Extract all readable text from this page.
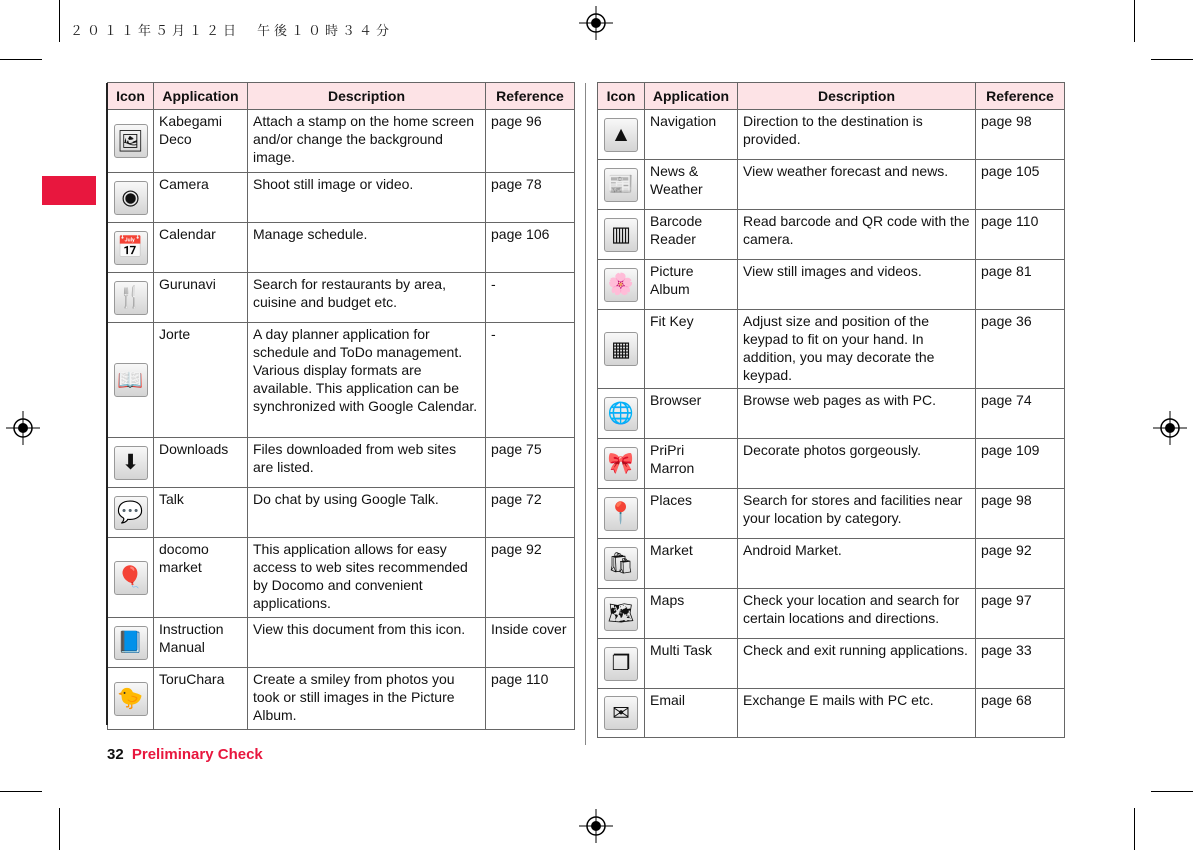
２０１１年５月１２日　午後１０時３４分
Icon	Application	Description	Reference
🖼	Kabegami Deco	Attach a stamp on the home screen and/or change the background image.	page 96
◉	Camera	Shoot still image or video.	page 78
📅	Calendar	Manage schedule.	page 106
🍴	Gurunavi	Search for restaurants by area, cuisine and budget etc.	-
📖	Jorte	A day planner application for schedule and ToDo management. Various display formats are available. This application can be synchronized with Google Calendar.	-
⬇	Downloads	Files downloaded from web sites are listed.	page 75
💬	Talk	Do chat by using Google Talk.	page 72
🎈	docomo market	This application allows for easy access to web sites recommended by Docomo and convenient applications.	page 92
📘	Instruction Manual	View this document from this icon.	Inside cover
🐤	ToruChara	Create a smiley from photos you took or still images in the Picture Album.	page 110
Icon	Application	Description	Reference
▲	Navigation	Direction to the destination is provided.	page 98
📰	News & Weather	View weather forecast and news.	page 105
▥	Barcode Reader	Read barcode and QR code with the camera.	page 110
🌸	Picture Album	View still images and videos.	page 81
▦	Fit Key	Adjust size and position of the keypad to fit on your hand. In addition, you may decorate the keypad.	page 36
🌐	Browser	Browse web pages as with PC.	page 74
🎀	PriPri Marron	Decorate photos gorgeously.	page 109
📍	Places	Search for stores and facilities near your location by category.	page 98
🛍	Market	Android Market.	page 92
🗺	Maps	Check your location and search for certain locations and directions.	page 97
❐	Multi Task	Check and exit running applications.	page 33
✉	Email	Exchange E mails with PC etc.	page 68
32 Preliminary Check
